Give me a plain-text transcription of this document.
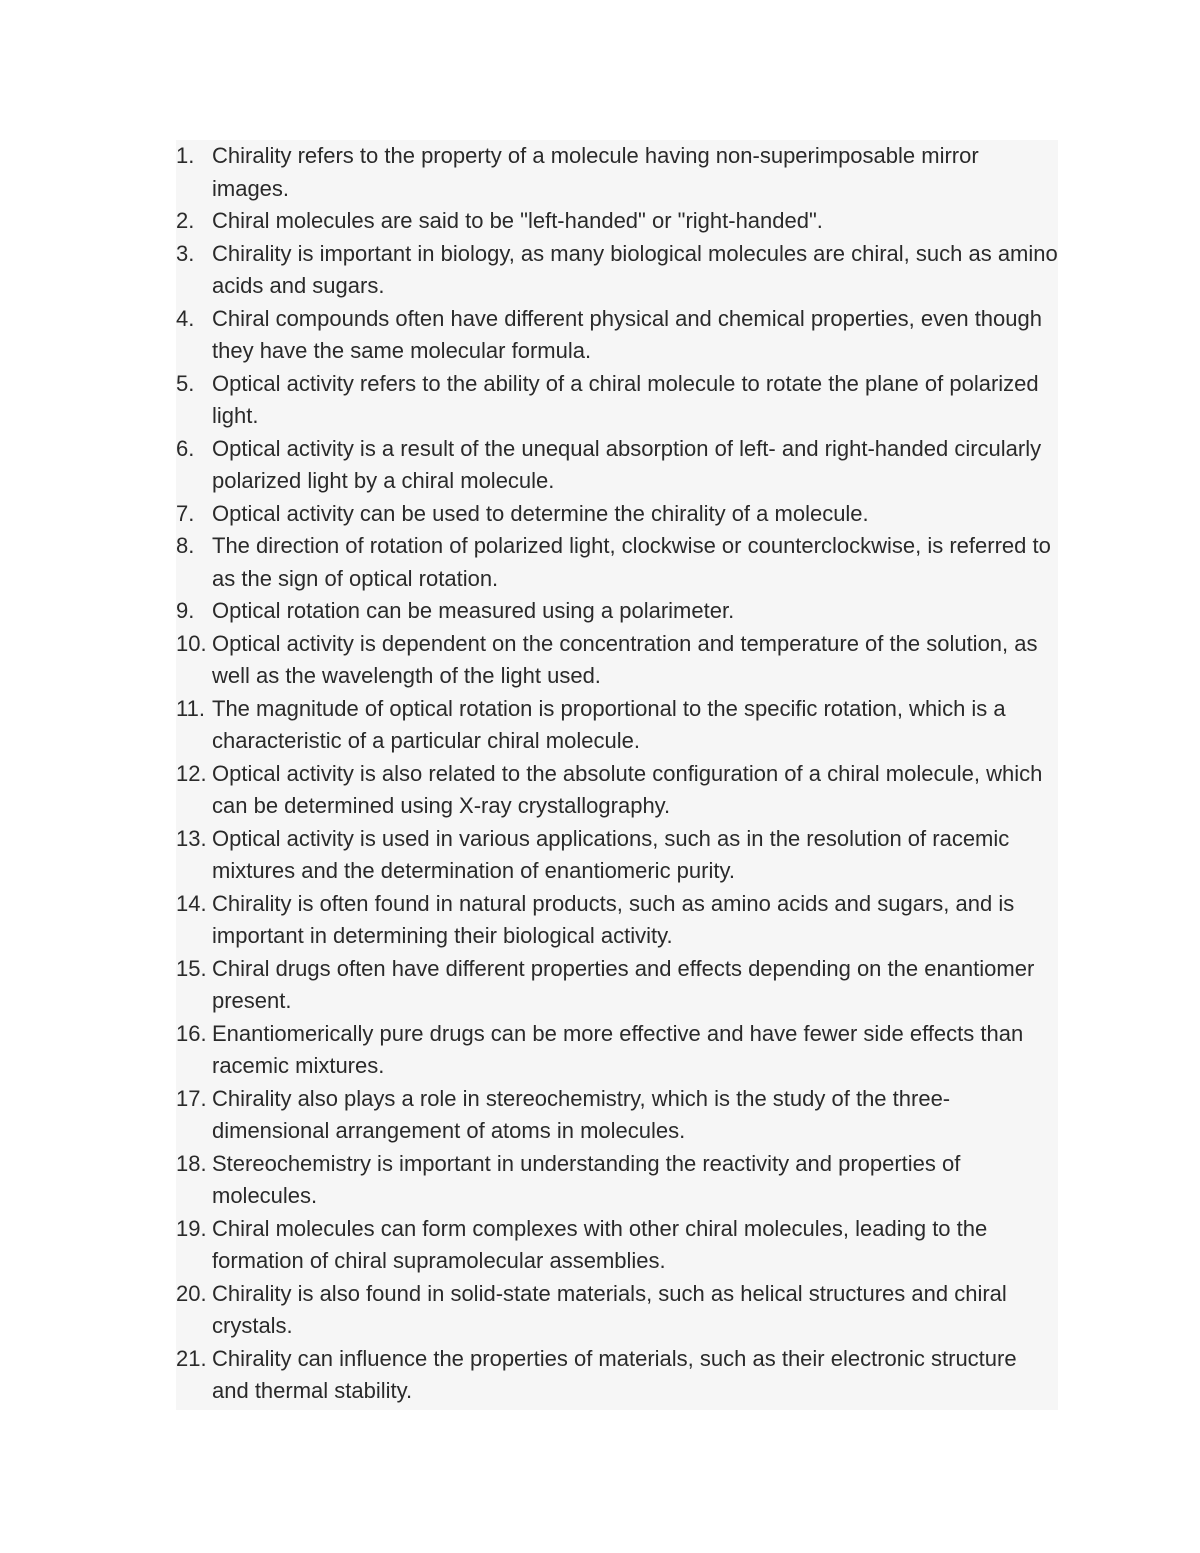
1. Chirality refers to the property of a molecule having non-superimposable mirror images.
2. Chiral molecules are said to be "left-handed" or "right-handed".
3. Chirality is important in biology, as many biological molecules are chiral, such as amino acids and sugars.
4. Chiral compounds often have different physical and chemical properties, even though they have the same molecular formula.
5. Optical activity refers to the ability of a chiral molecule to rotate the plane of polarized light.
6. Optical activity is a result of the unequal absorption of left- and right-handed circularly polarized light by a chiral molecule.
7. Optical activity can be used to determine the chirality of a molecule.
8. The direction of rotation of polarized light, clockwise or counterclockwise, is referred to as the sign of optical rotation.
9. Optical rotation can be measured using a polarimeter.
10. Optical activity is dependent on the concentration and temperature of the solution, as well as the wavelength of the light used.
11. The magnitude of optical rotation is proportional to the specific rotation, which is a characteristic of a particular chiral molecule.
12. Optical activity is also related to the absolute configuration of a chiral molecule, which can be determined using X-ray crystallography.
13. Optical activity is used in various applications, such as in the resolution of racemic mixtures and the determination of enantiomeric purity.
14. Chirality is often found in natural products, such as amino acids and sugars, and is important in determining their biological activity.
15. Chiral drugs often have different properties and effects depending on the enantiomer present.
16. Enantiomerically pure drugs can be more effective and have fewer side effects than racemic mixtures.
17. Chirality also plays a role in stereochemistry, which is the study of the three-dimensional arrangement of atoms in molecules.
18. Stereochemistry is important in understanding the reactivity and properties of molecules.
19. Chiral molecules can form complexes with other chiral molecules, leading to the formation of chiral supramolecular assemblies.
20. Chirality is also found in solid-state materials, such as helical structures and chiral crystals.
21. Chirality can influence the properties of materials, such as their electronic structure and thermal stability.
